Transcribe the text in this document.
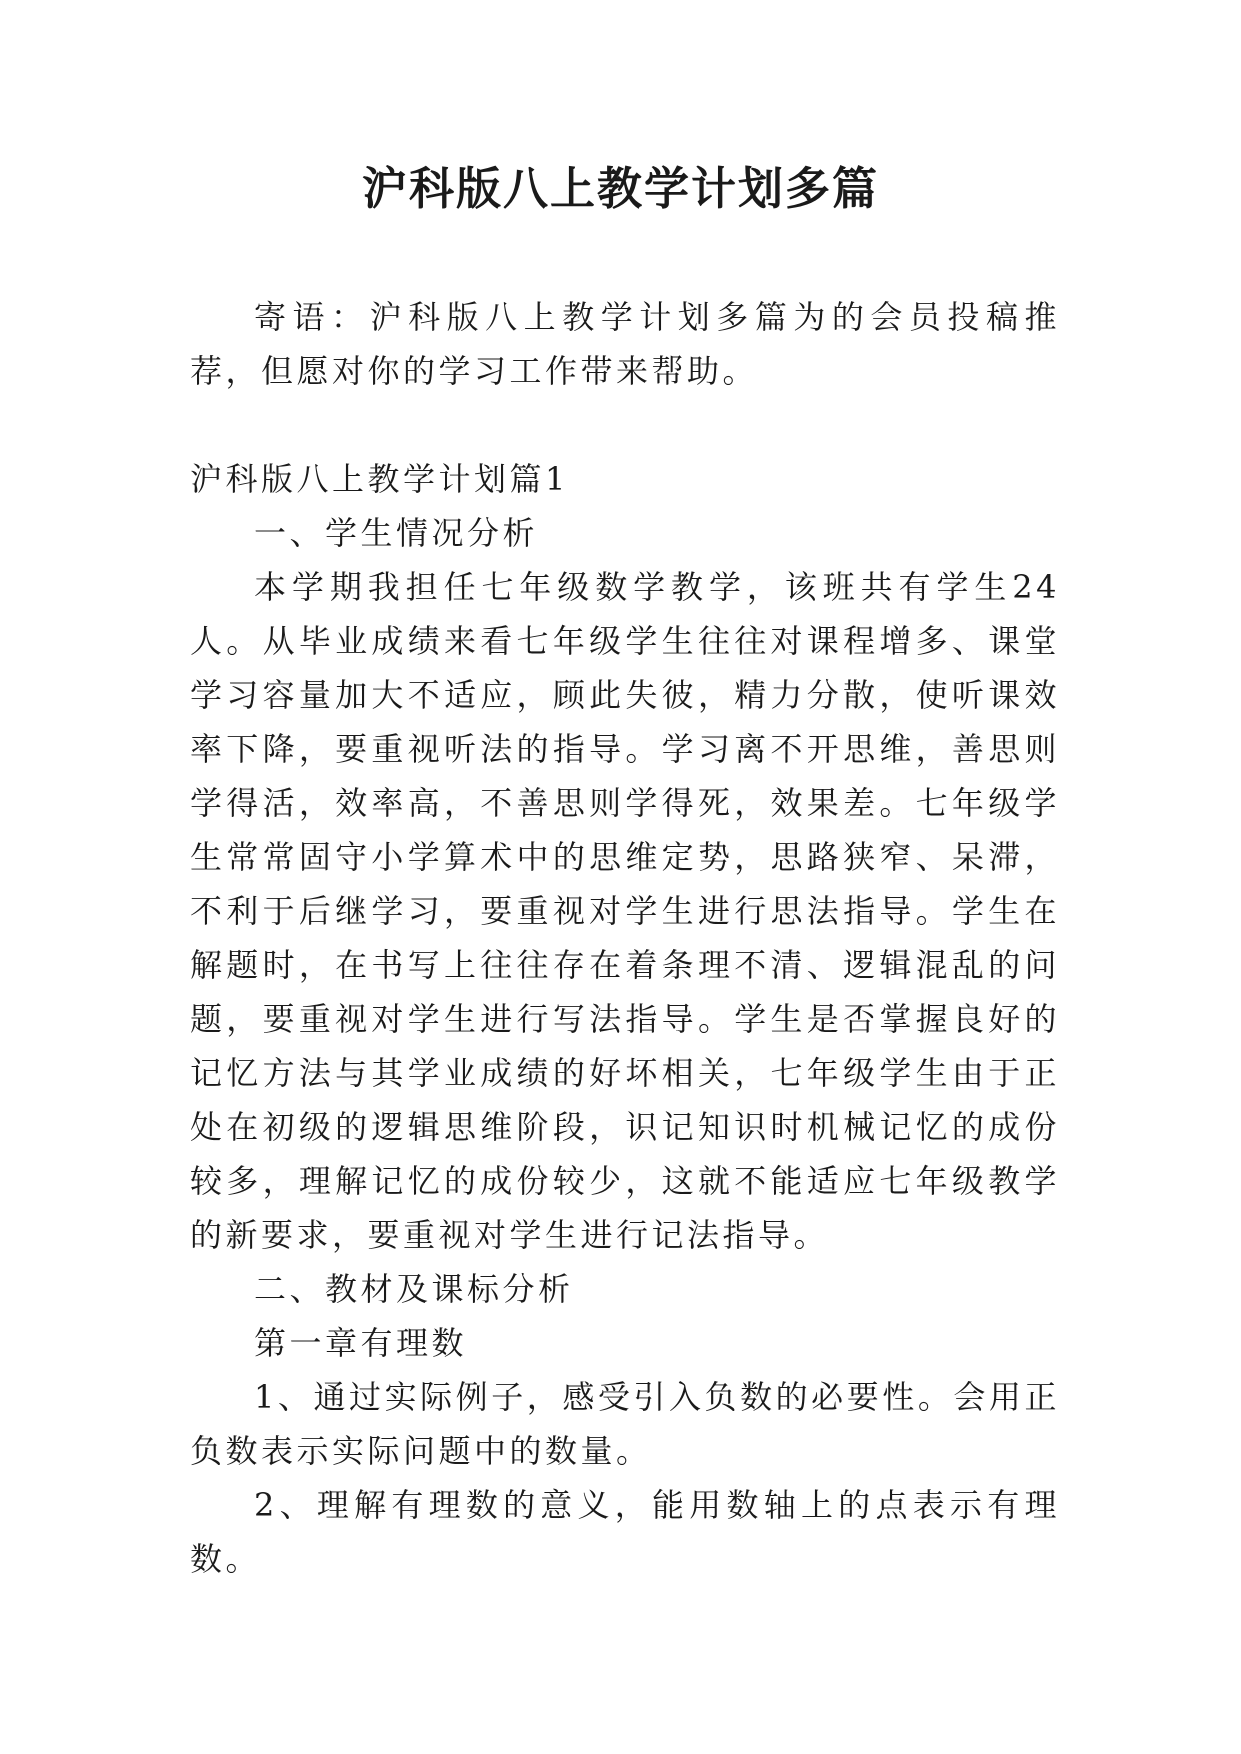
沪科版八上教学计划多篇

寄语：沪科版八上教学计划多篇为的会员投稿推荐，但愿对你的学习工作带来帮助。

沪科版八上教学计划篇1

一、学生情况分析

本学期我担任七年级数学教学，该班共有学生24人。从毕业成绩来看七年级学生往往对课程增多、课堂学习容量加大不适应，顾此失彼，精力分散，使听课效率下降，要重视听法的指导。学习离不开思维，善思则学得活，效率高，不善思则学得死，效果差。七年级学生常常固守小学算术中的思维定势，思路狭窄、呆滞，不利于后继学习，要重视对学生进行思法指导。学生在解题时，在书写上往往存在着条理不清、逻辑混乱的问题，要重视对学生进行写法指导。学生是否掌握良好的记忆方法与其学业成绩的好坏相关，七年级学生由于正处在初级的逻辑思维阶段，识记知识时机械记忆的成份较多，理解记忆的成份较少，这就不能适应七年级教学的新要求，要重视对学生进行记法指导。

二、教材及课标分析

第一章有理数

1、通过实际例子，感受引入负数的必要性。会用正负数表示实际问题中的数量。

2、理解有理数的意义，能用数轴上的点表示有理数。
